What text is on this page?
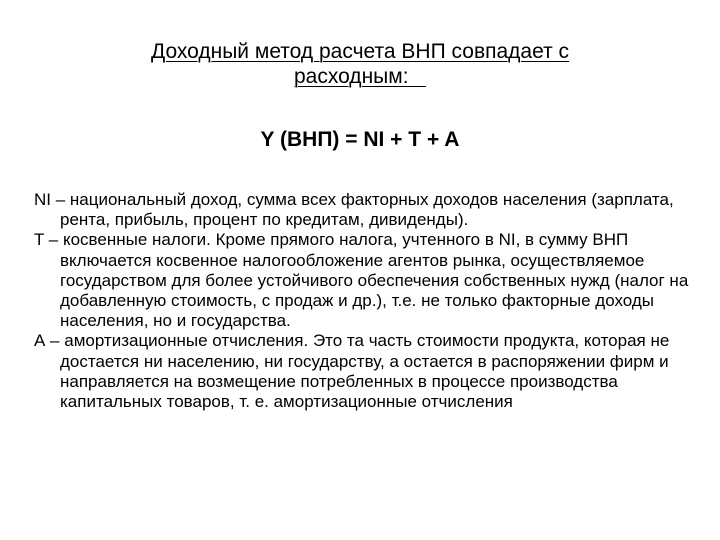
Доходный метод расчета ВНП совпадает с
расходным:
Y (ВНП) = NI + T + A

NI – национальный доход, сумма всех факторных доходов населения (зарплата, рента, прибыль, процент по кредитам, дивиденды).

T – косвенные налоги. Кроме прямого налога, учтенного в NI, в сумму ВНП включается косвенное налогообложение агентов рынка, осуществляемое государством для более устойчивого обеспечения собственных нужд (налог на добавленную стоимость, с продаж и др.), т.е. не только факторные доходы населения, но и государства.

А – амортизационные отчисления. Это та часть стоимости продукта, которая не достается ни населению, ни государству, а остается в распоряжении фирм и направляется на возмещение потребленных в процессе производства капитальных товаров, т. е. амортизационные отчисления
